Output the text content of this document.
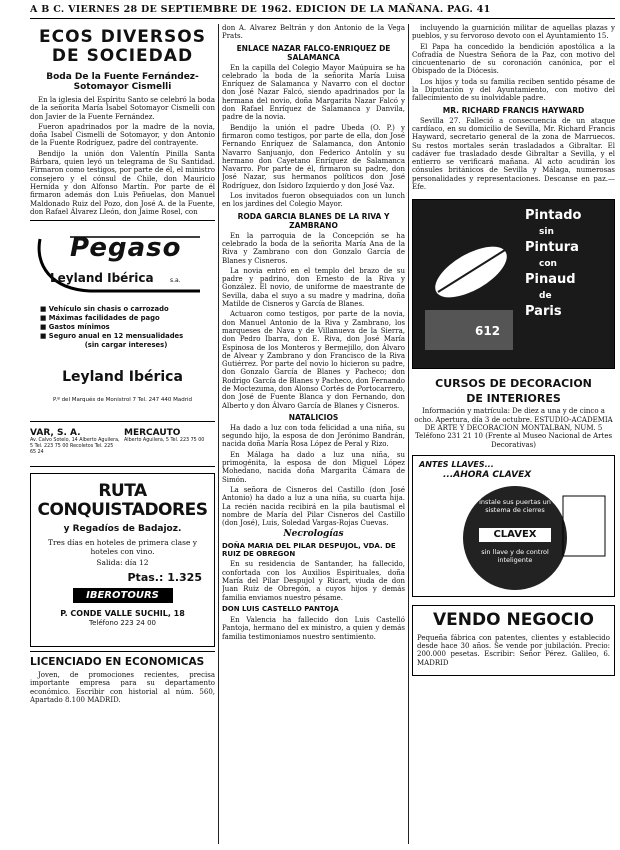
A B C. VIERNES 28 DE SEPTIEMBRE DE 1962. EDICION DE LA MAÑANA. PAG. 41
ECOS DIVERSOS
DE SOCIEDAD
Boda De la Fuente Fernández-
Sotomayor Cismelli

En la iglesia del Espíritu Santo se celebró la boda de la señorita María Isabel Sotomayor Cismelli con don Javier de la Fuente Fernández.

Fueron apadrinados por la madre de la novia, doña Isabel Cismelli de Sotomayor, y don Antonio de la Fuente Rodríguez, padre del contrayente.

Bendijo la unión don Valentín Pinilla Santa Bárbara, quien leyó un telegrama de Su Santidad. Firmaron como testigos, por parte de él, el ministro consejero y el cónsul de Chile, don Mauricio Hernida y don Alfonso Martín. Por parte de él firmaron además don Luis Peñuelas, don Manuel Maldonado Ruiz del Pozo, don José A. de la Fuente, don Rafael Álvarez Lleón, don Jaime Rosel, con

Pegaso
Leyland Ibérica	s.a.
■ Vehículo sin chasis o carrozado
■ Máximas facilidades de pago
■ Gastos mínimos
■ Seguro anual en 12 mensualidades
(sin cargar intereses)
Leyland Ibérica
P.º del Marqués de Monistrol 7 Tel. 247 440 Madrid
VAR, S. A.
Av. Calvo Sotelo, 14 Alberto Aguilera, 5 Tel. 223 75 00 Recoletos Tel. 225 65 24
MERCAUTO
Alberto Aguilera, 5 Tel. 223 75 00
RUTA CONQUISTADORES
y Regadíos de Badajoz.
Tres días en hoteles de primera clase y hoteles con vino.
Salida: día 12
Ptas.: 1.325
IBEROTOURS
P. CONDE VALLE SUCHIL, 18
Teléfono 223 24 00
LICENCIADO EN ECONOMICAS

Joven, de promociones recientes, precisa importante empresa para su departamento económico. Escribir con historial al núm. 560, Apartado 8.100 MADRID.

don A. Álvarez Beltrán y don Antonio de la Vega Prats.

ENLACE NAZAR FALCO-ENRIQUEZ DE SALAMANCA

En la capilla del Colegio Mayor Maúpuira se ha celebrado la boda de la señorita María Luisa Enríquez de Salamanca y Navarro con el doctor don José Nazar Falcó, siendo apadrinados por la hermana del novio, doña Margarita Nazar Falcó y don Rafael Enríquez de Salamanca y Danvila, padre de la novia.

Bendijo la unión el padre Ubeda (O. P.) y firmaron como testigos, por parte de ella, don José Fernando Enríquez de Salamanca, don Antonio Navarro Sanjuanjo, don Federico Antolín y su hermano don Cayetano Enríquez de Salamanca Navarro. Por parte de él, firmaron su padre, don José Nazar, sus hermanos políticos don José Rodríguez, don Isidoro Izquierdo y don José Vaz.

Los invitados fueron obsequiados con un lunch en los jardines del Colegio Mayor.

RODA GARCIA BLANES DE LA RIVA Y ZAMBRANO

En la parroquia de la Concepción se ha celebrado la boda de la señorita María Ana de la Riva y Zambrano con don Gonzalo García de Blanes y Cisneros.

La novia entró en el templo del brazo de su padre y padrino, don Ernesto de la Riva y González. El novio, de uniforme de maestrante de Sevilla, daba el suyo a su madre y madrina, doña Matilde de Cisneros y García de Blanes.

Actuaron como testigos, por parte de la novia, don Manuel Antonio de la Riva y Zambrano, los marqueses de Nava y de Villanueva de la Sierra, don Pedro Ibarra, don E. Riva, don José María Espinosa de los Monteros y Bermejillo, don Álvaro de Alvear y Zambrano y don Francisco de la Riva Gutiérrez. Por parte del novio lo hicieron su padre, don Gonzalo García de Blanes y Pacheco; don Rodrigo García de Blanes y Pacheco, don Fernando de Moctezuma, don Alonso Cortés de Portocarrero, don José de Fuente Blanca y don Fernando, don Alberto y don Álvaro García de Blanes y Cisneros.

NATALICIOS

Ha dado a luz con toda felicidad a una niña, su segundo hijo, la esposa de don Jerónimo Bandrán, nacida doña María Rosa López de Peral y Rizo.

En Málaga ha dado a luz una niña, su primogénita, la esposa de don Miguel López Mohedano, nacida doña Margarita Cámara de Simón.

La señora de Cisneros del Castillo (don José Antonio) ha dado a luz a una niña, su cuarta hija. La recién nacida recibirá en la pila bautismal el nombre de María del Pilar Cisneros del Castillo (don José), Luis, Soledad Vargas-Rojas Cuevas.

Necrologías
DOÑA MARIA DEL PILAR DESPUJOL, VDA. DE RUIZ DE OBREGON

En su residencia de Santander, ha fallecido, confortada con los Auxilios Espirituales, doña María del Pilar Despujol y Ricart, viuda de don Juan Ruiz de Obregón, a cuyos hijos y demás familia enviamos nuestro pésame.

DON LUIS CASTELLO PANTOJA

En Valencia ha fallecido don Luis Castelló Pantoja, hermano del ex ministro, a quien y demás familia testimoniamos nuestro sentimiento.

incluyendo la guarnición militar de aquellas plazas y pueblos, y su fervoroso devoto con el Ayuntamiento 15.

El Papa ha concedido la bendición apostólica a la Cofradía de Nuestra Señora de la Paz, con motivo del cincuentenario de su coronación canónica, por el Obispado de la Diócesis.

Los hijos y toda su familia reciben sentido pésame de la Diputación y del Ayuntamiento, con motivo del fallecimiento de su inolvidable padre.

MR. RICHARD FRANCIS HAYWARD

Sevilla 27. Falleció a consecuencia de un ataque cardíaco, en su domicilio de Sevilla, Mr. Richard Francis Hayward, secretario general de la zona de Marruecos. Su restos mortales serán trasladados a Gibraltar. El cadáver fue trasladado desde Gibraltar a Sevilla, y el entierro se verificará mañana. Al acto acudirán los cónsules británicos de Sevilla y Málaga, numerosas personalidades y representaciones. Descanse en paz.—Efe.

Pintado
sin
Pintura
con
Pinaud
de
Paris
612
CURSOS DE DECORACION
DE INTERIORES

Información y matrícula: De diez a una y de cinco a ocho. Apertura, día 3 de octubre. ESTUDIO-ACADEMIA DE ARTE Y DECORACION MONTALBAN, NUM. 5 Teléfono 231 21 10 (Frente al Museo Nacional de Artes Decorativas)

ANTES LLAVES...
...AHORA CLAVEX
instale sus puertas un sistema de cierres
CLAVEX
sin llave y de control inteligente
VENDO NEGOCIO

Pequeña fábrica con patentes, clientes y establecido desde hace 30 años. Se vende por jubilación. Precio: 200.000 pesetas. Escribir: Señor Pérez. Galileo, 6. MADRID
